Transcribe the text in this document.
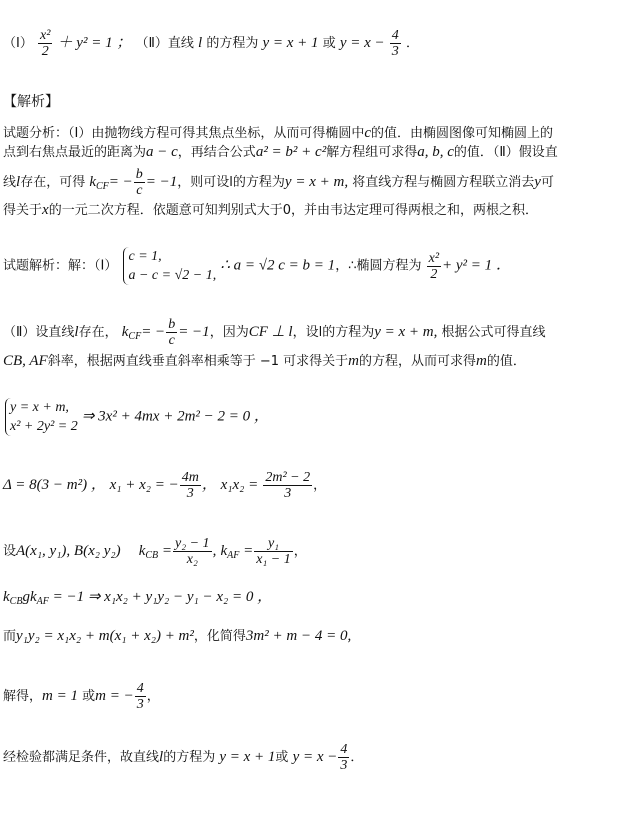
（Ⅰ） $\frac{\text{x²}}{2} + y^2 = 1$ ； （Ⅱ）直线 l 的方程为 y = x + 1 或 $y = x - \frac{4}{3}$ ．
【解析】
试题分析：（Ⅰ）由抛物线方程可得其焦点坐标，从而可得椭圆中c的值．由椭圆图像可知椭圆上的
点到右焦点最近的距离为a − c，再结合公式a² = b² + c²解方程组可求得a, b, c的值．（Ⅱ）假设直
线l存在，可得 $k_{CF}= - \frac{b}{c} = -1$，则可设l的方程为y = x + m, 将直线方程与椭圆方程联立消去y可
得关于x的一元二次方程．依题意可知判别式大于0，并由韦达定理可得两根之和，两根之积．
试题解析：解：（Ⅰ） c = 1,
a − c = √2 − 1, ∴ a = √2 c = b = 1，∴椭圆方程为 $\frac{\text{x²}}{2} + y^2 = 1$ ．
（Ⅱ）设直线l存在， $k_{CF}= - \frac{b}{c} = -1$，因为CF ⊥ l，设l的方程为y = x + m, 根据公式可得直线
CB, AF斜率，根据两直线垂直斜率相乘等于 −1 可求得关于m的方程，从而可求得m的值．
y = x + m,
x² + 2y² = 2 ⇒ 3x² + 4mx + 2m² − 2 = 0 ，
Δ = 8(3 − m²) ， x₁ + x₂ = − $\frac{4m}{3}$ ， $x_1x_2 = \frac{\text{2m² − 2}}{3}$ ，
设A(x₁, y₁), B(x₂ y₂) $k_{CB} = \frac{\text{y₂ − 1}}{\text{x₂}}$ , $k_{AF} = \frac{\text{y₁}}{\text{x₁ − 1}}$ ，
$k_{CB}gk_{AF} = -1$ ⇒ x₁x₂ + y₁y₂ − y₁ − x₂ = 0 ，
而y₁y₂ = x₁x₂ + m(x₁ + x₂) + m²，化简得3m² + m − 4 = 0,
解得，m = 1 或m = − $\frac{4}{3}$ ，
经检验都满足条件，故直线l的方程为 y = x + 1或 $y = x - \frac{4}{3}$ ．
